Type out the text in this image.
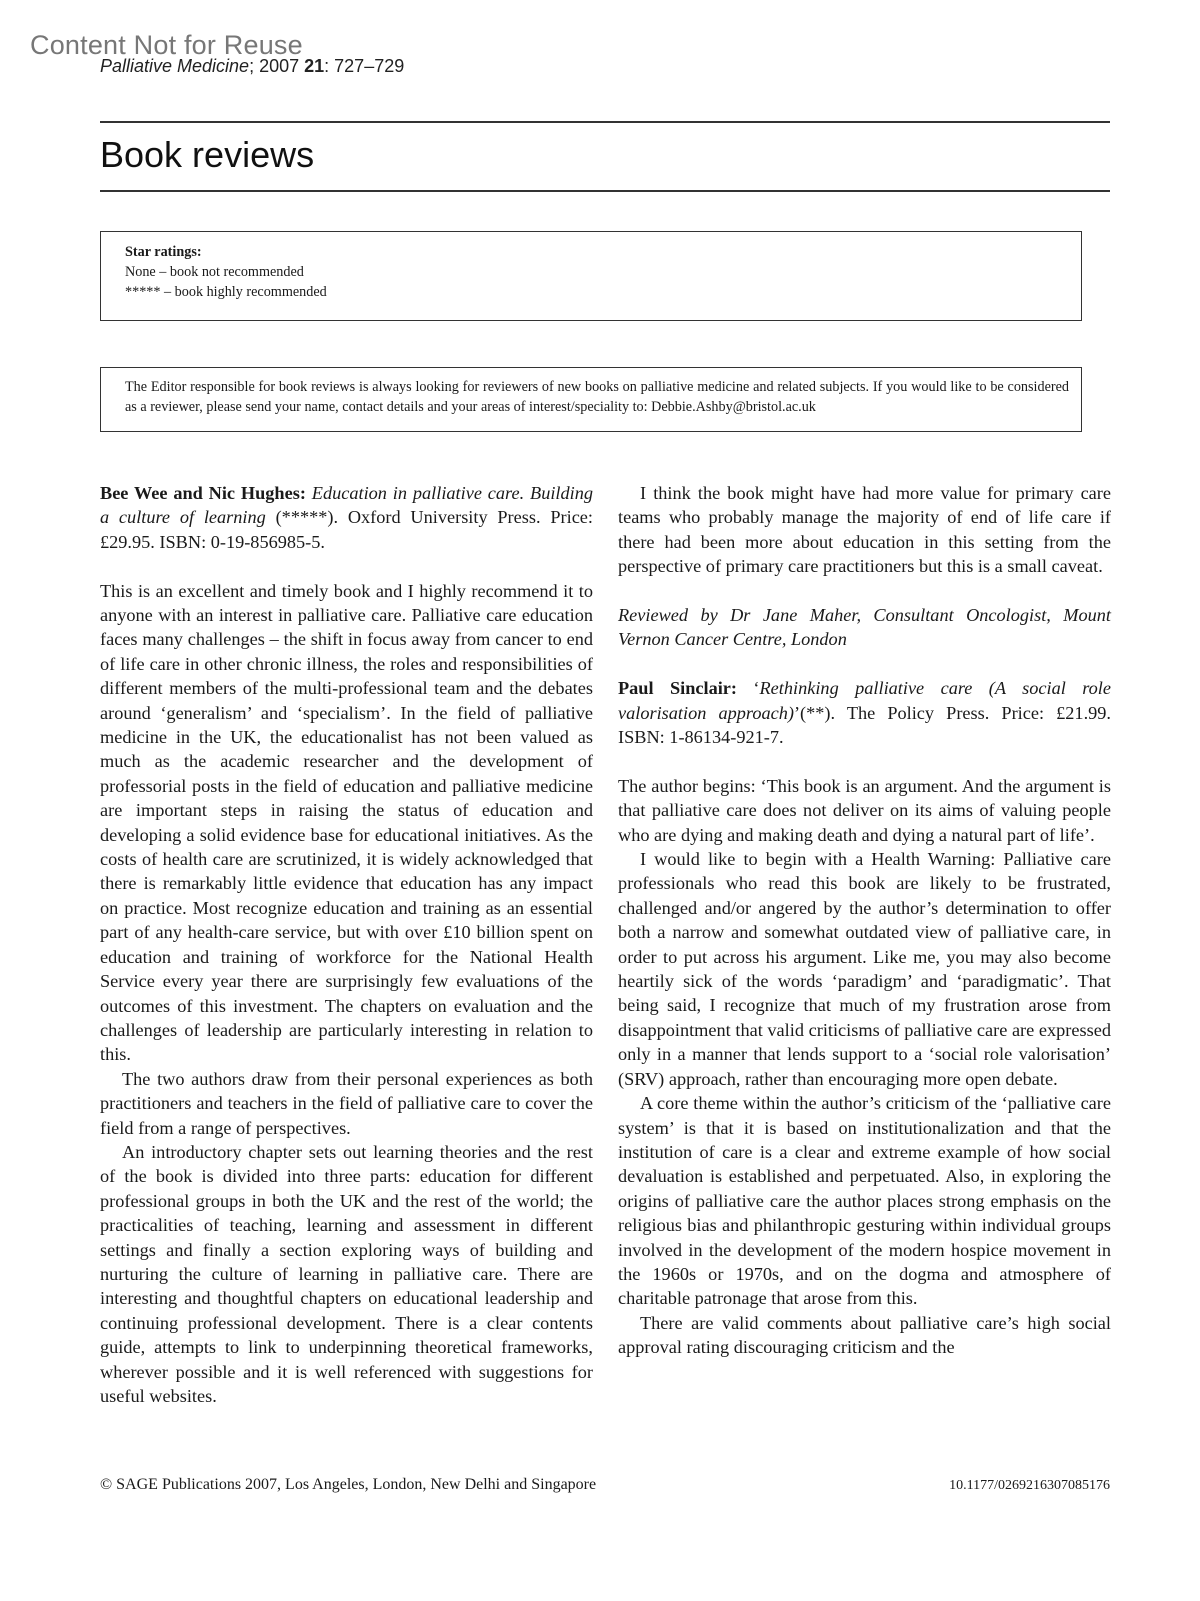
Content Not for Reuse
Palliative Medicine; 2007 21: 727–729
Book reviews
Star ratings:
None – book not recommended
***** – book highly recommended
The Editor responsible for book reviews is always looking for reviewers of new books on palliative medicine and related subjects. If you would like to be considered as a reviewer, please send your name, contact details and your areas of interest/speciality to: Debbie.Ashby@bristol.ac.uk

Bee Wee and Nic Hughes: Education in palliative care. Building a culture of learning (*****). Oxford University Press. Price: £29.95. ISBN: 0-19-856985-5.

This is an excellent and timely book and I highly recommend it to anyone with an interest in palliative care. Palliative care education faces many challenges – the shift in focus away from cancer to end of life care in other chronic illness, the roles and responsibilities of different members of the multi-professional team and the debates around ‘generalism’ and ‘specialism’. In the field of palliative medicine in the UK, the educationalist has not been valued as much as the academic researcher and the development of professorial posts in the field of education and palliative medicine are important steps in raising the status of education and developing a solid evidence base for educational initiatives. As the costs of health care are scrutinized, it is widely acknowledged that there is remarkably little evidence that education has any impact on practice. Most recognize education and training as an essential part of any health-care service, but with over £10 billion spent on education and training of workforce for the National Health Service every year there are surprisingly few evaluations of the outcomes of this investment. The chapters on evaluation and the challenges of leadership are particularly interesting in relation to this.

The two authors draw from their personal experiences as both practitioners and teachers in the field of palliative care to cover the field from a range of perspectives.

An introductory chapter sets out learning theories and the rest of the book is divided into three parts: education for different professional groups in both the UK and the rest of the world; the practicalities of teaching, learning and assessment in different settings and finally a section exploring ways of building and nurturing the culture of learning in palliative care. There are interesting and thoughtful chapters on educational leadership and continuing professional development. There is a clear contents guide, attempts to link to underpinning theoretical frameworks, wherever possible and it is well referenced with suggestions for useful websites.

I think the book might have had more value for primary care teams who probably manage the majority of end of life care if there had been more about education in this setting from the perspective of primary care practitioners but this is a small caveat.

Reviewed by Dr Jane Maher, Consultant Oncologist, Mount Vernon Cancer Centre, London

Paul Sinclair: ‘Rethinking palliative care (A social role valorisation approach)’(**). The Policy Press. Price: £21.99. ISBN: 1-86134-921-7.

The author begins: ‘This book is an argument. And the argument is that palliative care does not deliver on its aims of valuing people who are dying and making death and dying a natural part of life’.

I would like to begin with a Health Warning: Palliative care professionals who read this book are likely to be frustrated, challenged and/or angered by the author’s determination to offer both a narrow and somewhat outdated view of palliative care, in order to put across his argument. Like me, you may also become heartily sick of the words ‘paradigm’ and ‘paradigmatic’. That being said, I recognize that much of my frustration arose from disappointment that valid criticisms of palliative care are expressed only in a manner that lends support to a ‘social role valorisation’ (SRV) approach, rather than encouraging more open debate.

A core theme within the author’s criticism of the ‘palliative care system’ is that it is based on institutionalization and that the institution of care is a clear and extreme example of how social devaluation is established and perpetuated. Also, in exploring the origins of palliative care the author places strong emphasis on the religious bias and philanthropic gesturing within individual groups involved in the development of the modern hospice movement in the 1960s or 1970s, and on the dogma and atmosphere of charitable patronage that arose from this.

There are valid comments about palliative care’s high social approval rating discouraging criticism and the

© SAGE Publications 2007, Los Angeles, London, New Delhi and Singapore	10.1177/0269216307085176
